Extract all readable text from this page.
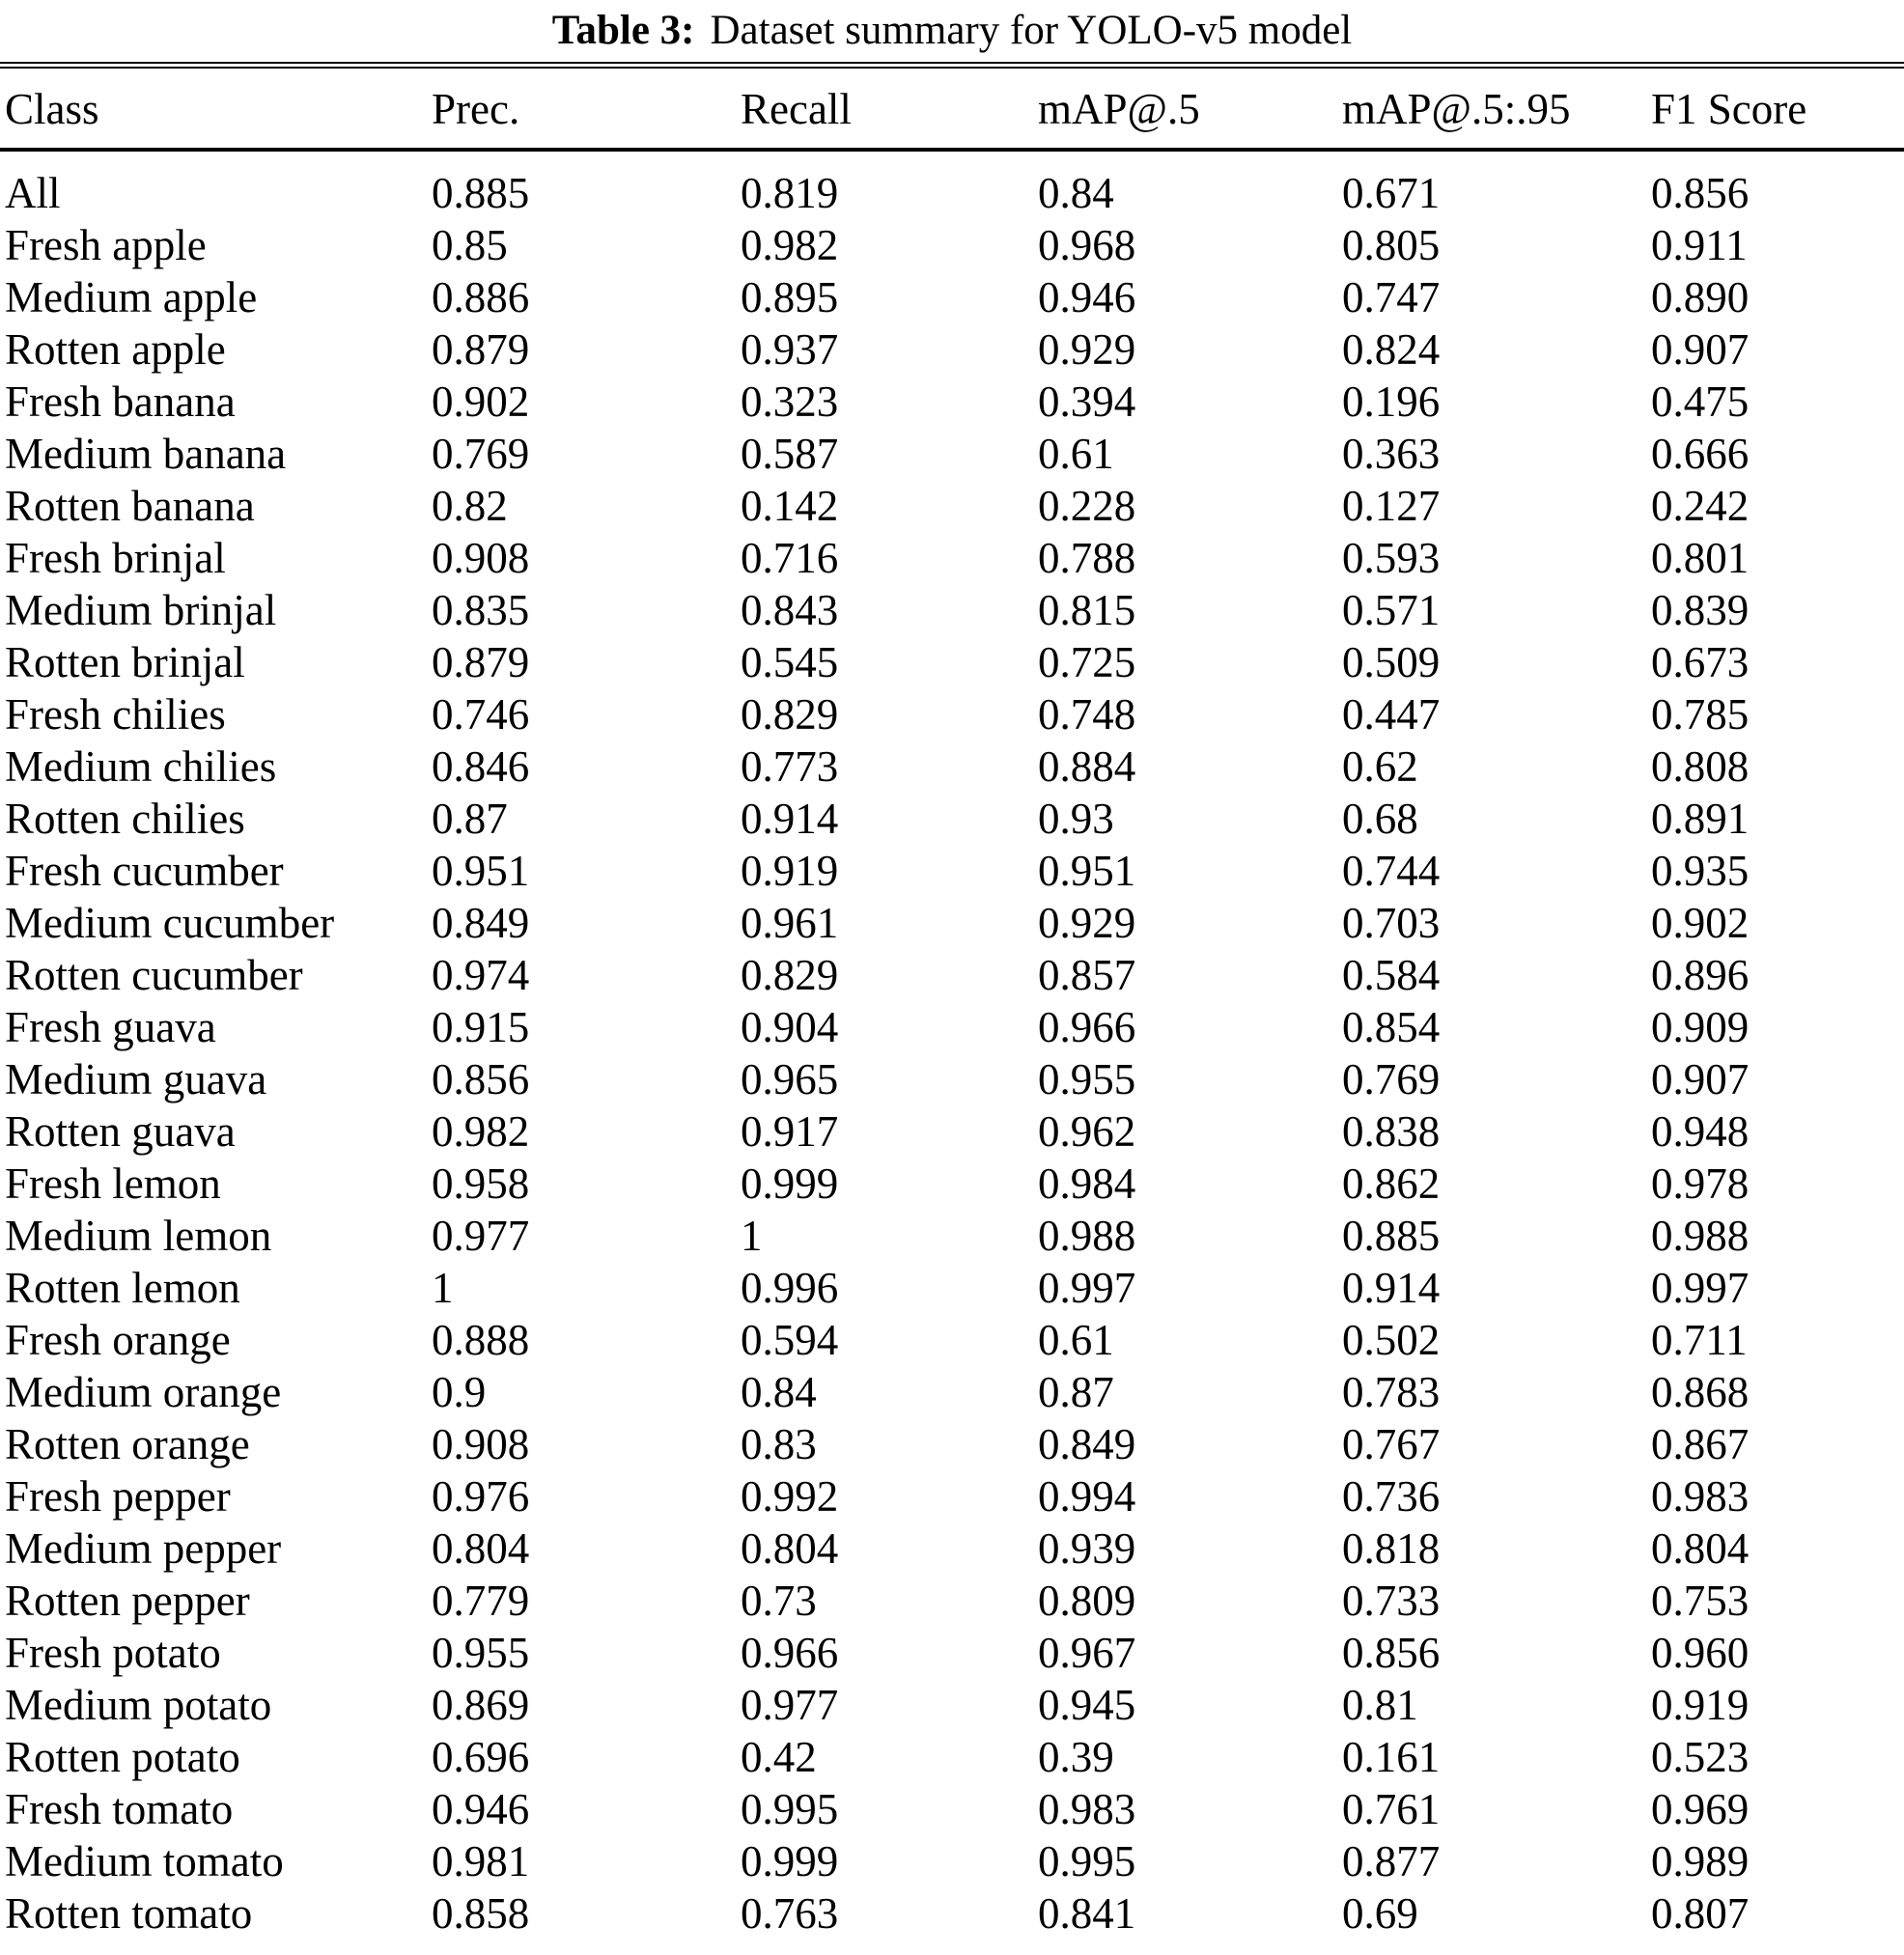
Table 3: Dataset summary for YOLO-v5 model
Class	Prec.	Recall	mAP@.5	mAP@.5:.95	F1 Score
All	0.885	0.819	0.84	0.671	0.856
Fresh apple	0.85	0.982	0.968	0.805	0.911
Medium apple	0.886	0.895	0.946	0.747	0.890
Rotten apple	0.879	0.937	0.929	0.824	0.907
Fresh banana	0.902	0.323	0.394	0.196	0.475
Medium banana	0.769	0.587	0.61	0.363	0.666
Rotten banana	0.82	0.142	0.228	0.127	0.242
Fresh brinjal	0.908	0.716	0.788	0.593	0.801
Medium brinjal	0.835	0.843	0.815	0.571	0.839
Rotten brinjal	0.879	0.545	0.725	0.509	0.673
Fresh chilies	0.746	0.829	0.748	0.447	0.785
Medium chilies	0.846	0.773	0.884	0.62	0.808
Rotten chilies	0.87	0.914	0.93	0.68	0.891
Fresh cucumber	0.951	0.919	0.951	0.744	0.935
Medium cucumber	0.849	0.961	0.929	0.703	0.902
Rotten cucumber	0.974	0.829	0.857	0.584	0.896
Fresh guava	0.915	0.904	0.966	0.854	0.909
Medium guava	0.856	0.965	0.955	0.769	0.907
Rotten guava	0.982	0.917	0.962	0.838	0.948
Fresh lemon	0.958	0.999	0.984	0.862	0.978
Medium lemon	0.977	1	0.988	0.885	0.988
Rotten lemon	1	0.996	0.997	0.914	0.997
Fresh orange	0.888	0.594	0.61	0.502	0.711
Medium orange	0.9	0.84	0.87	0.783	0.868
Rotten orange	0.908	0.83	0.849	0.767	0.867
Fresh pepper	0.976	0.992	0.994	0.736	0.983
Medium pepper	0.804	0.804	0.939	0.818	0.804
Rotten pepper	0.779	0.73	0.809	0.733	0.753
Fresh potato	0.955	0.966	0.967	0.856	0.960
Medium potato	0.869	0.977	0.945	0.81	0.919
Rotten potato	0.696	0.42	0.39	0.161	0.523
Fresh tomato	0.946	0.995	0.983	0.761	0.969
Medium tomato	0.981	0.999	0.995	0.877	0.989
Rotten tomato	0.858	0.763	0.841	0.69	0.807
